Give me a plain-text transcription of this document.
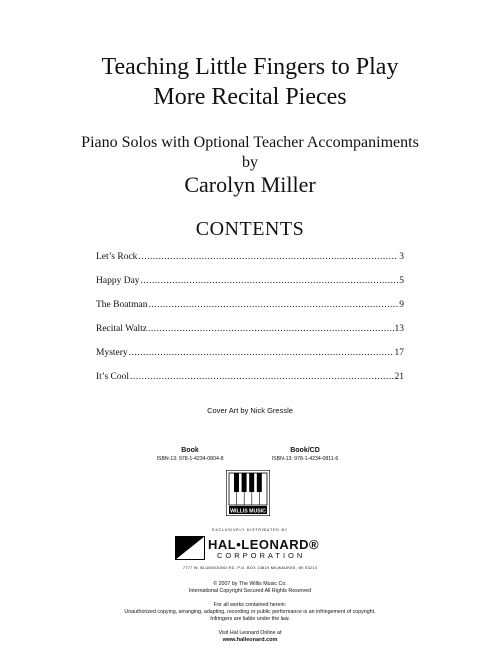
Teaching Little Fingers to Play
More Recital Pieces
Piano Solos with Optional Teacher Accompaniments
by
Carolyn Miller
CONTENTS
Let’s Rock .....	3
Happy Day .....	5
The Boatman .....	9
Recital Waltz .....	13
Mystery .....	17
It’s Cool .....	21
Cover Art by Nick Gressle
Book
ISBN-13: 978-1-4234-0804-8
Book/CD
ISBN-13: 978-1-4234-0811-6
WILLIS MUSIC
EXCLUSIVELY DISTRIBUTED BY
HAL•LEONARD®
CORPORATION
7777 W. BLUEMOUND RD. P.O. BOX 13819 MILWAUKEE, WI 53213
© 2007 by The Willis Music Co.
International Copyright Secured All Rights Reserved
For all works contained herein:
Unauthorized copying, arranging, adapting, recording or public performance is an infringement of copyright.
Infringers are liable under the law.
Visit Hal Leonard Online at
www.halleonard.com
